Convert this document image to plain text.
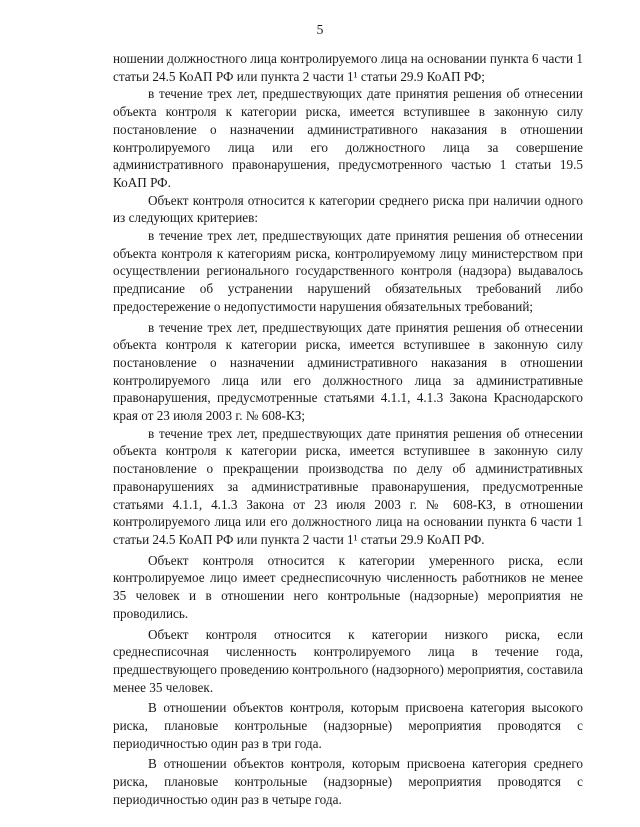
5

ношении должностного лица контролируемого лица на основании пункта 6 части 1 статьи 24.5 КоАП РФ или пункта 2 части 1¹ статьи 29.9 КоАП РФ;

в течение трех лет, предшествующих дате принятия решения об отнесении объекта контроля к категории риска, имеется вступившее в законную силу постановление о назначении административного наказания в отношении контролируемого лица или его должностного лица за совершение административного правонарушения, предусмотренного частью 1 статьи 19.5 КоАП РФ.

Объект контроля относится к категории среднего риска при наличии одного из следующих критериев:

в течение трех лет, предшествующих дате принятия решения об отнесении объекта контроля к категориям риска, контролируемому лицу министерством при осуществлении регионального государственного контроля (надзора) выдавалось предписание об устранении нарушений обязательных требований либо предостережение о недопустимости нарушения обязательных требований;

в течение трех лет, предшествующих дате принятия решения об отнесении объекта контроля к категории риска, имеется вступившее в законную силу постановление о назначении административного наказания в отношении контролируемого лица или его должностного лица за административные правонарушения, предусмотренные статьями 4.1.1, 4.1.3 Закона Краснодарского края от 23 июля 2003 г. № 608-КЗ;

в течение трех лет, предшествующих дате принятия решения об отнесении объекта контроля к категории риска, имеется вступившее в законную силу постановление о прекращении производства по делу об административных правонарушениях за административные правонарушения, предусмотренные статьями 4.1.1, 4.1.3 Закона от 23 июля 2003 г. № 608-КЗ, в отношении контролируемого лица или его должностного лица на основании пункта 6 части 1 статьи 24.5 КоАП РФ или пункта 2 части 1¹ статьи 29.9 КоАП РФ.

Объект контроля относится к категории умеренного риска, если контролируемое лицо имеет среднесписочную численность работников не менее 35 человек и в отношении него контрольные (надзорные) мероприятия не проводились.

Объект контроля относится к категории низкого риска, если среднесписочная численность контролируемого лица в течение года, предшествующего проведению контрольного (надзорного) мероприятия, составила менее 35 человек.

В отношении объектов контроля, которым присвоена категория высокого риска, плановые контрольные (надзорные) мероприятия проводятся с периодичностью один раз в три года.

В отношении объектов контроля, которым присвоена категория среднего риска, плановые контрольные (надзорные) мероприятия проводятся с периодичностью один раз в четыре года.
